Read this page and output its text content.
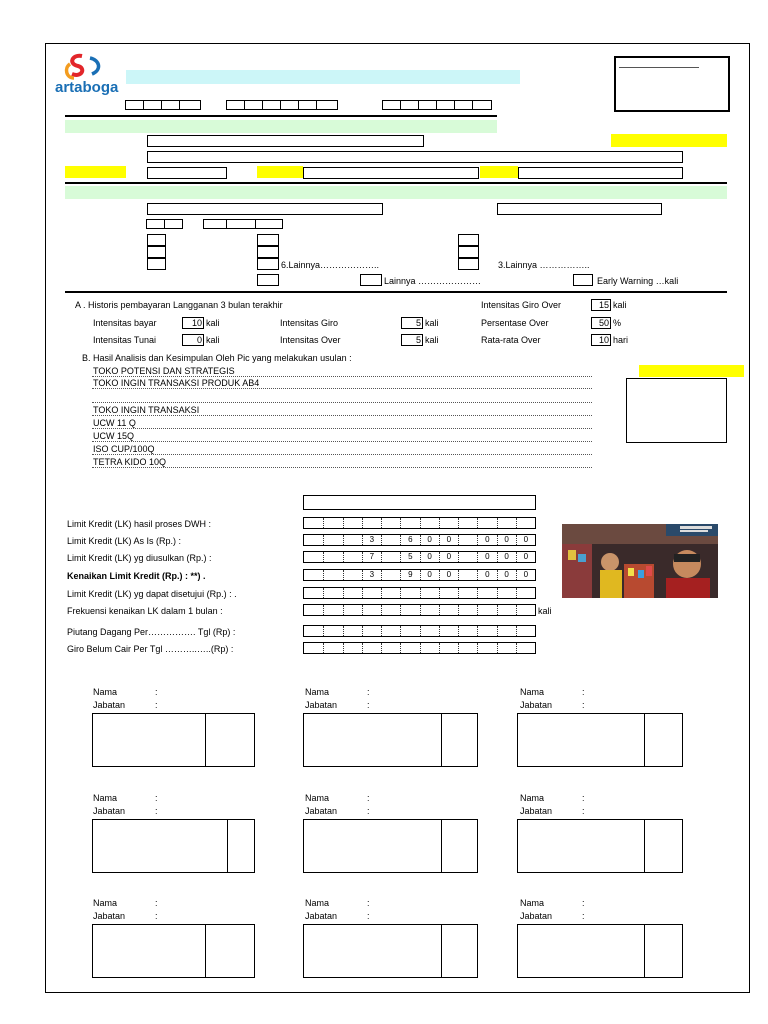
artaboga
6.Lainnya………………..	3.Lainnya ……………..
Lainnya …………………	Early Warning …kali
A . Historis pembayaran Langganan 3 bulan terakhir	Intensitas Giro Over	15 kali
Intensitas bayar	10 kali	Intensitas Giro	5 kali	Persentase Over	50 %
Intensitas Tunai	0 kali	Intensitas Over	5 kali	Rata-rata Over	10 hari
B. Hasil Analisis dan Kesimpulan Oleh Pic yang melakukan usulan :
TOKO POTENSI DAN STRATEGIS
TOKO INGIN TRANSAKSI PRODUK AB4
TOKO INGIN TRANSAKSI
UCW 11 Q
UCW 15Q
ISO CUP/100Q
TETRA KIDO 10Q
Limit Kredit (LK) hasil proses DWH :
Limit Kredit (LK) As Is (Rp.) :	3	6	0	0	0	0	0
Limit Kredit (LK) yg diusulkan (Rp.) :	7	5	0	0	0	0	0
Kenaikan Limit Kredit (Rp.) : **) .	3	9	0	0	0	0	0
Limit Kredit (LK) yg dapat disetujui (Rp.) : .
Frekuensi kenaikan LK dalam 1 bulan :	kali
Piutang Dagang Per……………. Tgl (Rp) :
Giro Belum Cair Per Tgl ………..…..(Rp) :
Nama	:
Jabatan	:
Nama	:
Jabatan	:
Nama	:
Jabatan	:
Nama	:
Jabatan	:
Nama	:
Jabatan	:
Nama	:
Jabatan	:
Nama	:
Jabatan	:
Nama	:
Jabatan	:
Nama	:
Jabatan	:
